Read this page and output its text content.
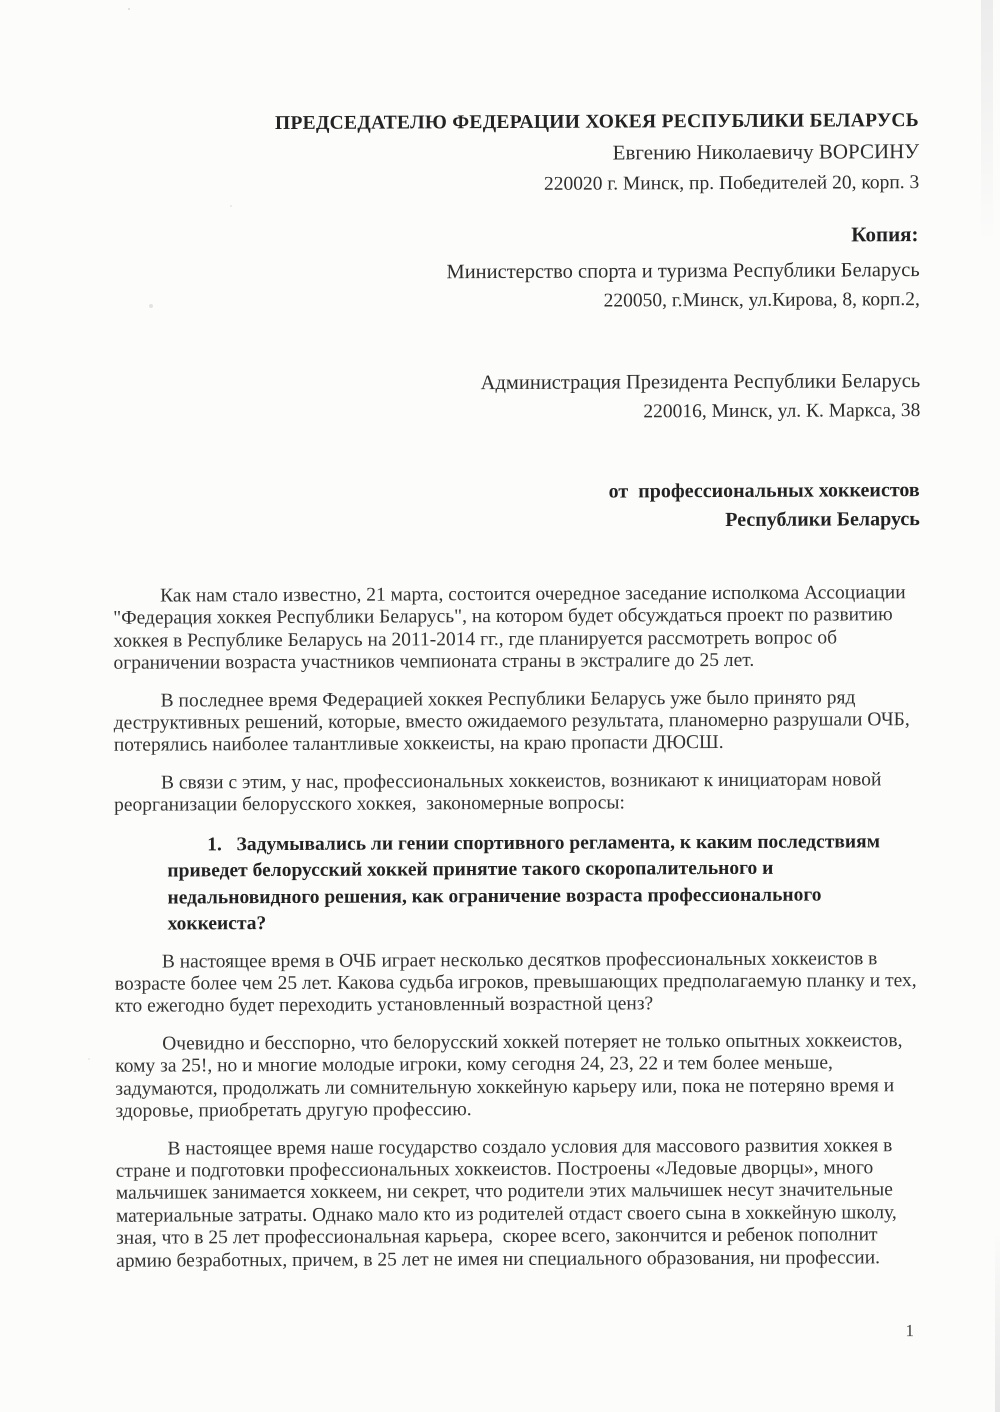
ПРЕДСЕДАТЕЛЮ ФЕДЕРАЦИИ ХОКЕЯ РЕСПУБЛИКИ БЕЛАРУСЬ
Евгению Николаевичу ВОРСИНУ
220020 г. Минск, пр. Победителей 20, корп. 3
Копия:
Министерство спорта и туризма Республики Беларусь
220050, г.Минск, ул.Кирова, 8, корп.2,
Администрация Президента Республики Беларусь
220016, Минск, ул. К. Маркса, 38
от  профессиональных хоккеистов
Республики Беларусь

Как нам стало известно, 21 марта, состоится очередное заседание исполкома Ассоциации "Федерация хоккея Республики Беларусь", на котором будет обсуждаться проект по развитию хоккея в Республике Беларусь на 2011-2014 гг., где планируется рассмотреть вопрос об ограничении возраста участников чемпионата страны в экстралиге до 25 лет.

В последнее время Федерацией хоккея Республики Беларусь уже было принято ряд деструктивных решений, которые, вместо ожидаемого результата, планомерно разрушали ОЧБ, потерялись наиболее талантливые хоккеисты, на краю пропасти ДЮСШ.

В связи с этим, у нас, профессиональных хоккеистов, возникают к инициаторам новой реорганизации белорусского хоккея,  закономерные вопросы:

1.   Задумывались ли гении спортивного регламента, к каким последствиям приведет белорусский хоккей принятие такого скоропалительного и недальновидного решения, как ограничение возраста профессионального хоккеиста?

В настоящее время в ОЧБ играет несколько десятков профессиональных хоккеистов в возрасте более чем 25 лет. Какова судьба игроков, превышающих предполагаемую планку и тех, кто ежегодно будет переходить установленный возрастной ценз?

Очевидно и бесспорно, что белорусский хоккей потеряет не только опытных хоккеистов, кому за 25!, но и многие молодые игроки, кому сегодня 24, 23, 22 и тем более меньше,  задумаются, продолжать ли сомнительную хоккейную карьеру или, пока не потеряно время и здоровье, приобретать другую профессию.

В настоящее время наше государство создало условия для массового развития хоккея в стране и подготовки профессиональных хоккеистов. Построены «Ледовые дворцы», много мальчишек занимается хоккеем, ни секрет, что родители этих мальчишек несут значительные материальные затраты. Однако мало кто из родителей отдаст своего сына в хоккейную школу, зная, что в 25 лет профессиональная карьера,  скорее всего, закончится и ребенок пополнит армию безработных, причем, в 25 лет не имея ни специального образования, ни профессии.

1
